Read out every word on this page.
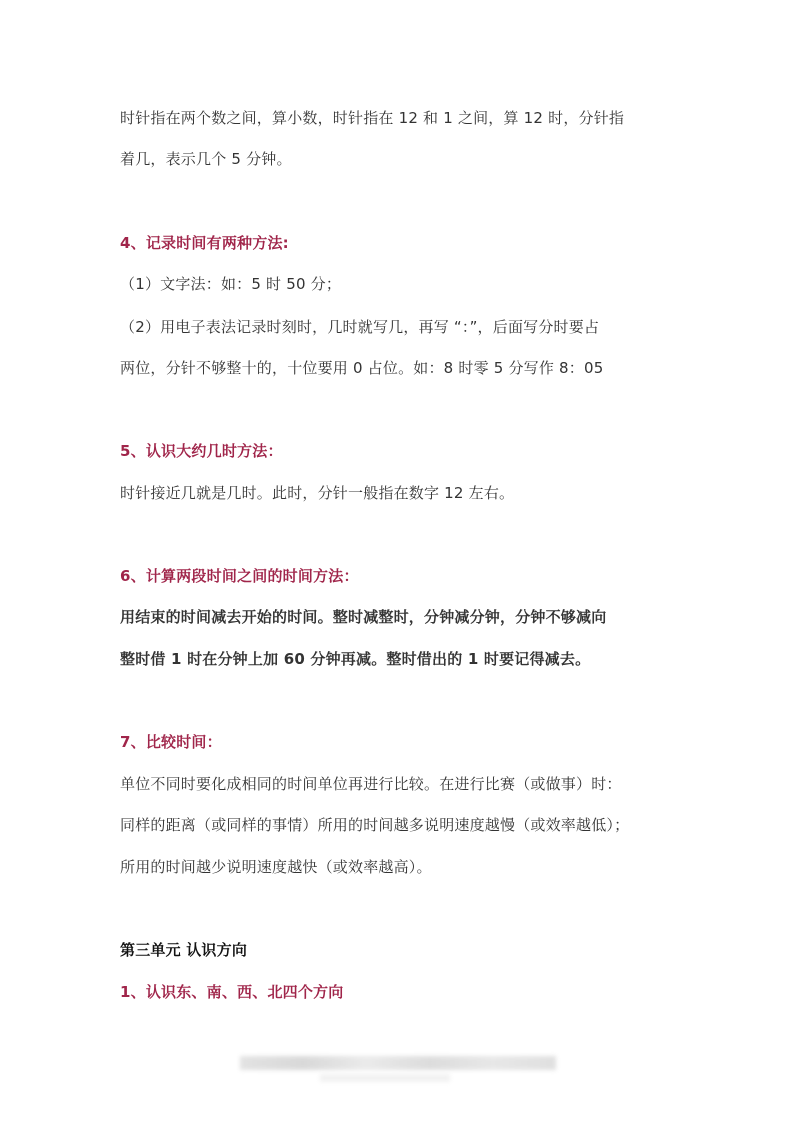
时针指在两个数之间，算小数，时针指在 12 和 1 之间，算 12 时，分针指

着几，表示几个 5 分钟。

4、记录时间有两种方法:

（1）文字法：如：5 时 50 分；

（2）用电子表法记录时刻时，几时就写几，再写 “：”，后面写分时要占

两位，分针不够整十的，十位要用 0 占位。如：8 时零 5 分写作 8：05

5、认识大约几时方法：

时针接近几就是几时。此时，分针一般指在数字 12 左右。

6、计算两段时间之间的时间方法：

用结束的时间减去开始的时间。整时减整时，分钟减分钟，分钟不够减向

整时借 1 时在分钟上加 60 分钟再减。整时借出的 1 时要记得减去。

7、比较时间：

单位不同时要化成相同的时间单位再进行比较。在进行比赛（或做事）时：

同样的距离（或同样的事情）所用的时间越多说明速度越慢（或效率越低）；

所用的时间越少说明速度越快（或效率越高）。

第三单元 认识方向

1、认识东、南、西、北四个方向
